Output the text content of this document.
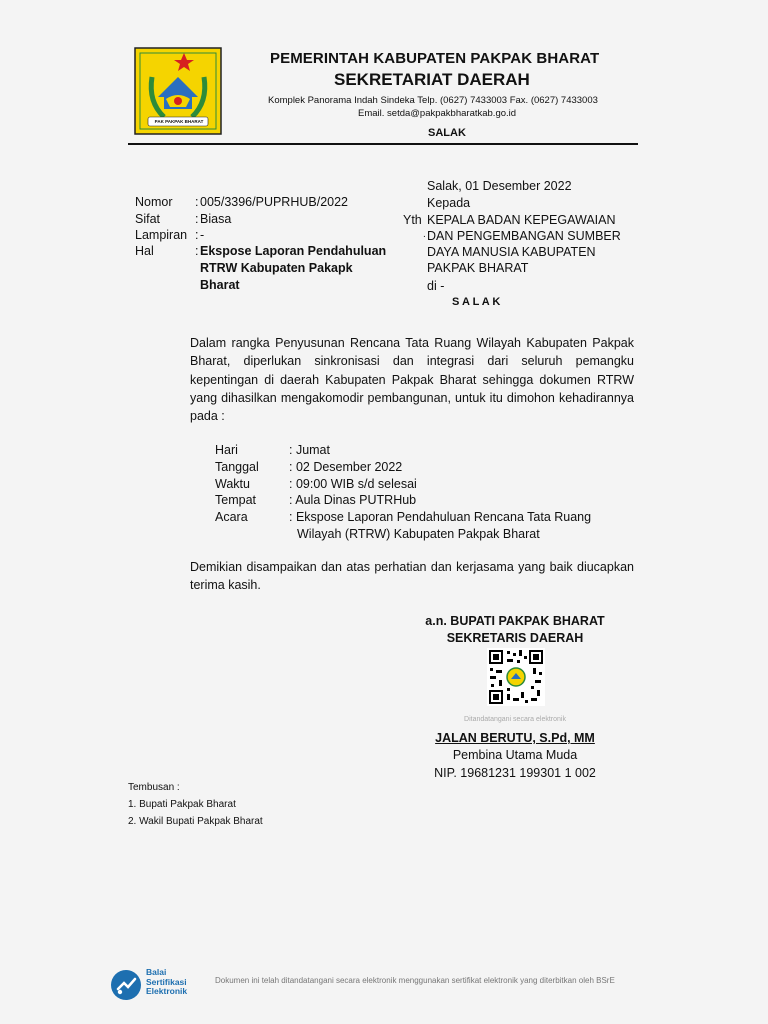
PAK PAKPAK BHARAT
PEMERINTAH KABUPATEN PAKPAK BHARAT
SEKRETARIAT DAERAH
Komplek Panorama Indah Sindeka Telp. (0627) 7433003 Fax. (0627) 7433003
Email. setda@pakpakbharatkab.go.id
SALAK
Nomor	: 005/3396/PUPRHUB/2022
Sifat	: Biasa
Lampiran : -
Hal	: Ekspose Laporan Pendahuluan
RTRW Kabupaten Pakapk
Bharat
Salak, 01 Desember 2022
Kepada
Yth
.
KEPALA BADAN KEPEGAWAIAN
DAN PENGEMBANGAN SUMBER
DAYA MANUSIA KABUPATEN
PAKPAK BHARAT
di -
S A L A K
Dalam rangka Penyusunan Rencana Tata Ruang Wilayah Kabupaten Pakpak Bharat, diperlukan sinkronisasi dan integrasi dari seluruh pemangku kepentingan di daerah Kabupaten Pakpak Bharat sehingga dokumen RTRW yang dihasilkan mengakomodir pembangunan, untuk itu dimohon kehadirannya pada :
Hari	: Jumat
Tanggal : 02 Desember 2022
Waktu	: 09:00 WIB s/d selesai
Tempat	: Aula Dinas PUTRHub
Acara	: Ekspose Laporan Pendahuluan Rencana Tata Ruang
Wilayah (RTRW) Kabupaten Pakpak Bharat
Demikian disampaikan dan atas perhatian dan kerjasama yang baik diucapkan terima kasih.
a.n. BUPATI PAKPAK BHARAT
SEKRETARIS DAERAH
Ditandatangani secara elektronik
JALAN BERUTU, S.Pd, MM
Pembina Utama Muda
NIP. 19681231 199301 1 002
Tembusan :
1. Bupati Pakpak Bharat
2. Wakil Bupati Pakpak Bharat
Balai
Sertifikasi
Elektronik
Dokumen ini telah ditandatangani secara elektronik menggunakan sertifikat elektronik yang diterbitkan oleh BSrE
